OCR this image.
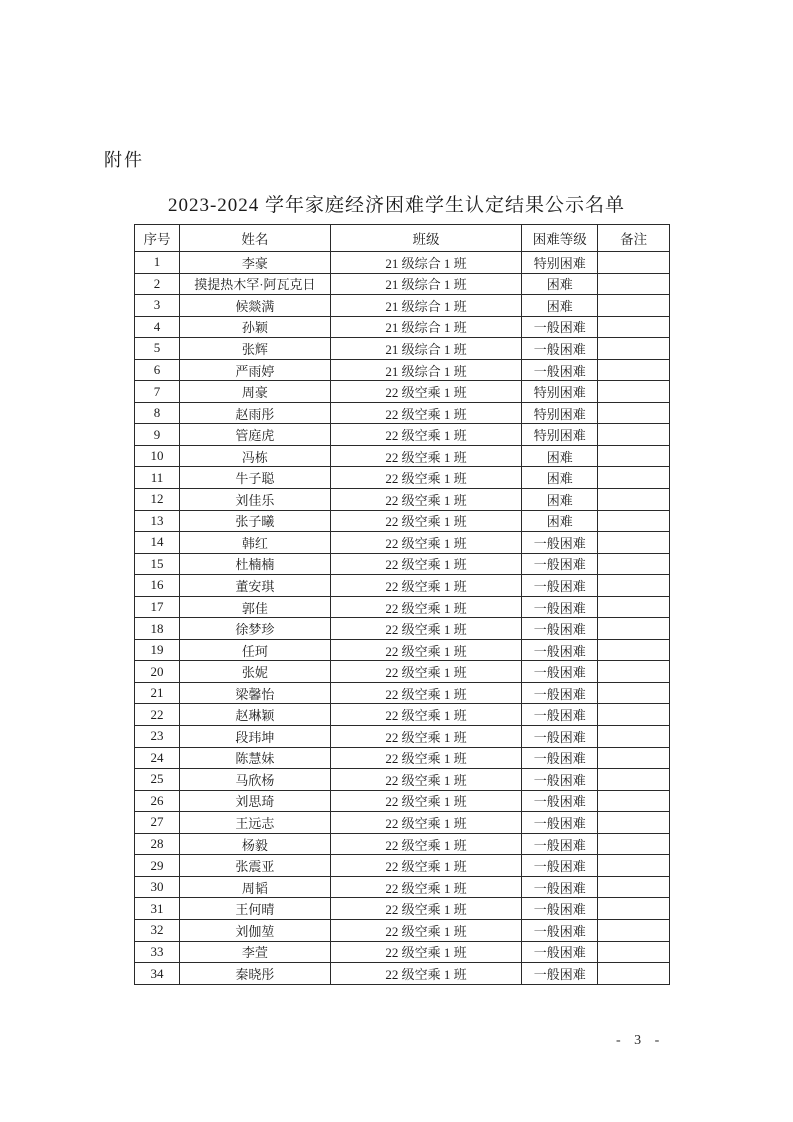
附件
2023-2024 学年家庭经济困难学生认定结果公示名单
序号	姓名	班级	困难等级	备注
1	李豪	21 级综合 1 班	特别困难	
2	摸提热木罕·阿瓦克日	21 级综合 1 班	困难	
3	候燚满	21 级综合 1 班	困难	
4	孙颖	21 级综合 1 班	一般困难	
5	张辉	21 级综合 1 班	一般困难	
6	严雨婷	21 级综合 1 班	一般困难	
7	周豪	22 级空乘 1 班	特别困难	
8	赵雨彤	22 级空乘 1 班	特别困难	
9	管庭虎	22 级空乘 1 班	特别困难	
10	冯栋	22 级空乘 1 班	困难	
11	牛子聪	22 级空乘 1 班	困难	
12	刘佳乐	22 级空乘 1 班	困难	
13	张子曦	22 级空乘 1 班	困难	
14	韩红	22 级空乘 1 班	一般困难	
15	杜楠楠	22 级空乘 1 班	一般困难	
16	董安琪	22 级空乘 1 班	一般困难	
17	郭佳	22 级空乘 1 班	一般困难	
18	徐梦珍	22 级空乘 1 班	一般困难	
19	任珂	22 级空乘 1 班	一般困难	
20	张妮	22 级空乘 1 班	一般困难	
21	梁馨怡	22 级空乘 1 班	一般困难	
22	赵琳颖	22 级空乘 1 班	一般困难	
23	段玮坤	22 级空乘 1 班	一般困难	
24	陈慧妹	22 级空乘 1 班	一般困难	
25	马欣杨	22 级空乘 1 班	一般困难	
26	刘思琦	22 级空乘 1 班	一般困难	
27	王远志	22 级空乘 1 班	一般困难	
28	杨毅	22 级空乘 1 班	一般困难	
29	张震亚	22 级空乘 1 班	一般困难	
30	周韬	22 级空乘 1 班	一般困难	
31	王何晴	22 级空乘 1 班	一般困难	
32	刘伽堃	22 级空乘 1 班	一般困难	
33	李萱	22 级空乘 1 班	一般困难	
34	秦晓彤	22 级空乘 1 班	一般困难	
- 3 -
